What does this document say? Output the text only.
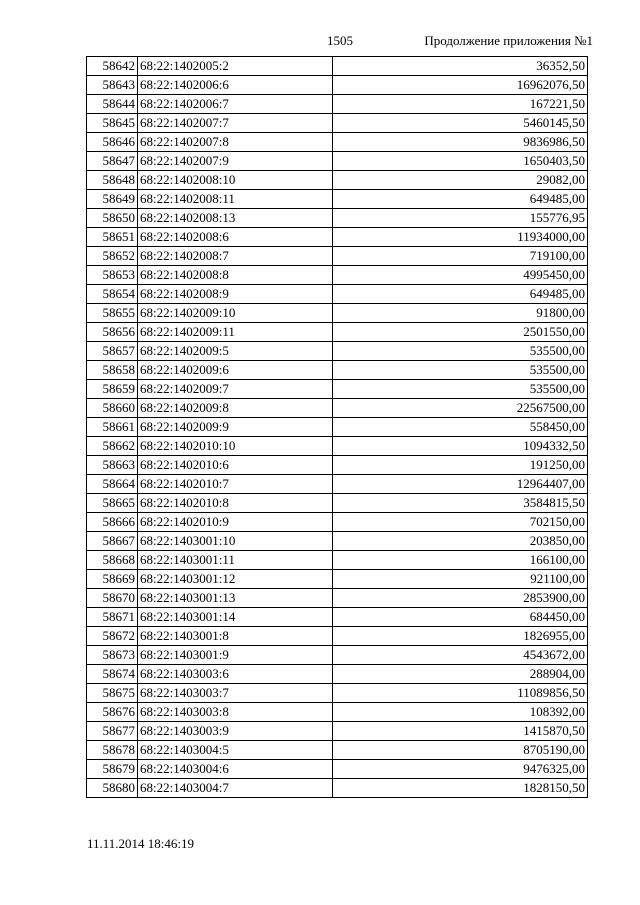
1505	Продолжение приложения №1
58642	68:22:1402005:2	36352,50
58643	68:22:1402006:6	16962076,50
58644	68:22:1402006:7	167221,50
58645	68:22:1402007:7	5460145,50
58646	68:22:1402007:8	9836986,50
58647	68:22:1402007:9	1650403,50
58648	68:22:1402008:10	29082,00
58649	68:22:1402008:11	649485,00
58650	68:22:1402008:13	155776,95
58651	68:22:1402008:6	11934000,00
58652	68:22:1402008:7	719100,00
58653	68:22:1402008:8	4995450,00
58654	68:22:1402008:9	649485,00
58655	68:22:1402009:10	91800,00
58656	68:22:1402009:11	2501550,00
58657	68:22:1402009:5	535500,00
58658	68:22:1402009:6	535500,00
58659	68:22:1402009:7	535500,00
58660	68:22:1402009:8	22567500,00
58661	68:22:1402009:9	558450,00
58662	68:22:1402010:10	1094332,50
58663	68:22:1402010:6	191250,00
58664	68:22:1402010:7	12964407,00
58665	68:22:1402010:8	3584815,50
58666	68:22:1402010:9	702150,00
58667	68:22:1403001:10	203850,00
58668	68:22:1403001:11	166100,00
58669	68:22:1403001:12	921100,00
58670	68:22:1403001:13	2853900,00
58671	68:22:1403001:14	684450,00
58672	68:22:1403001:8	1826955,00
58673	68:22:1403001:9	4543672,00
58674	68:22:1403003:6	288904,00
58675	68:22:1403003:7	11089856,50
58676	68:22:1403003:8	108392,00
58677	68:22:1403003:9	1415870,50
58678	68:22:1403004:5	8705190,00
58679	68:22:1403004:6	9476325,00
58680	68:22:1403004:7	1828150,50
11.11.2014 18:46:19
